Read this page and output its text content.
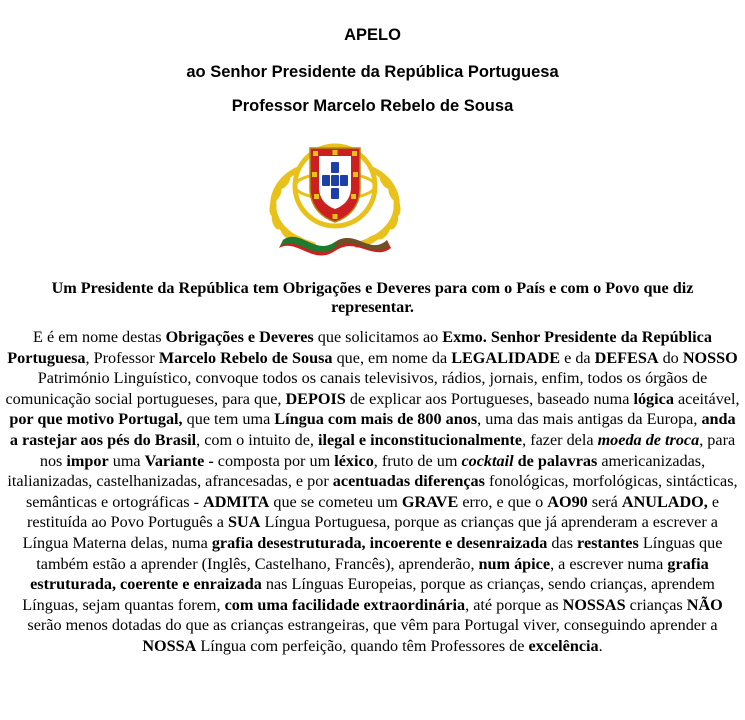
APELO
ao Senhor Presidente da República Portuguesa
Professor Marcelo Rebelo de Sousa
Um Presidente da República tem Obrigações e Deveres para com o País e com o Povo que diz representar.
E é em nome destas Obrigações e Deveres que solicitamos ao Exmo. Senhor Presidente da República Portuguesa, Professor Marcelo Rebelo de Sousa que, em nome da LEGALIDADE e da DEFESA do NOSSO Património Linguístico, convoque todos os canais televisivos, rádios, jornais, enfim, todos os órgãos de comunicação social portugueses, para que, DEPOIS de explicar aos Portugueses, baseado numa lógica aceitável, por que motivo Portugal, que tem uma Língua com mais de 800 anos, uma das mais antigas da Europa, anda a rastejar aos pés do Brasil, com o intuito de, ilegal e inconstitucionalmente, fazer dela moeda de troca, para nos impor uma Variante - composta por um léxico, fruto de um cocktail de palavras americanizadas, italianizadas, castelhanizadas, afrancesadas, e por acentuadas diferenças fonológicas, morfológicas, sintácticas, semânticas e ortográficas - ADMITA que se cometeu um GRAVE erro, e que o AO90 será ANULADO, e restituída ao Povo Português a SUA Língua Portuguesa, porque as crianças que já aprenderam a escrever a Língua Materna delas, numa grafia desestruturada, incoerente e desenraizada das restantes Línguas que também estão a aprender (Inglês, Castelhano, Francês), aprenderão, num ápice, a escrever numa grafia estruturada, coerente e enraizada nas Línguas Europeias, porque as crianças, sendo crianças, aprendem Línguas, sejam quantas forem, com uma facilidade extraordinária, até porque as NOSSAS crianças NÃO serão menos dotadas do que as crianças estrangeiras, que vêm para Portugal viver, conseguindo aprender a NOSSA Língua com perfeição, quando têm Professores de excelência.
